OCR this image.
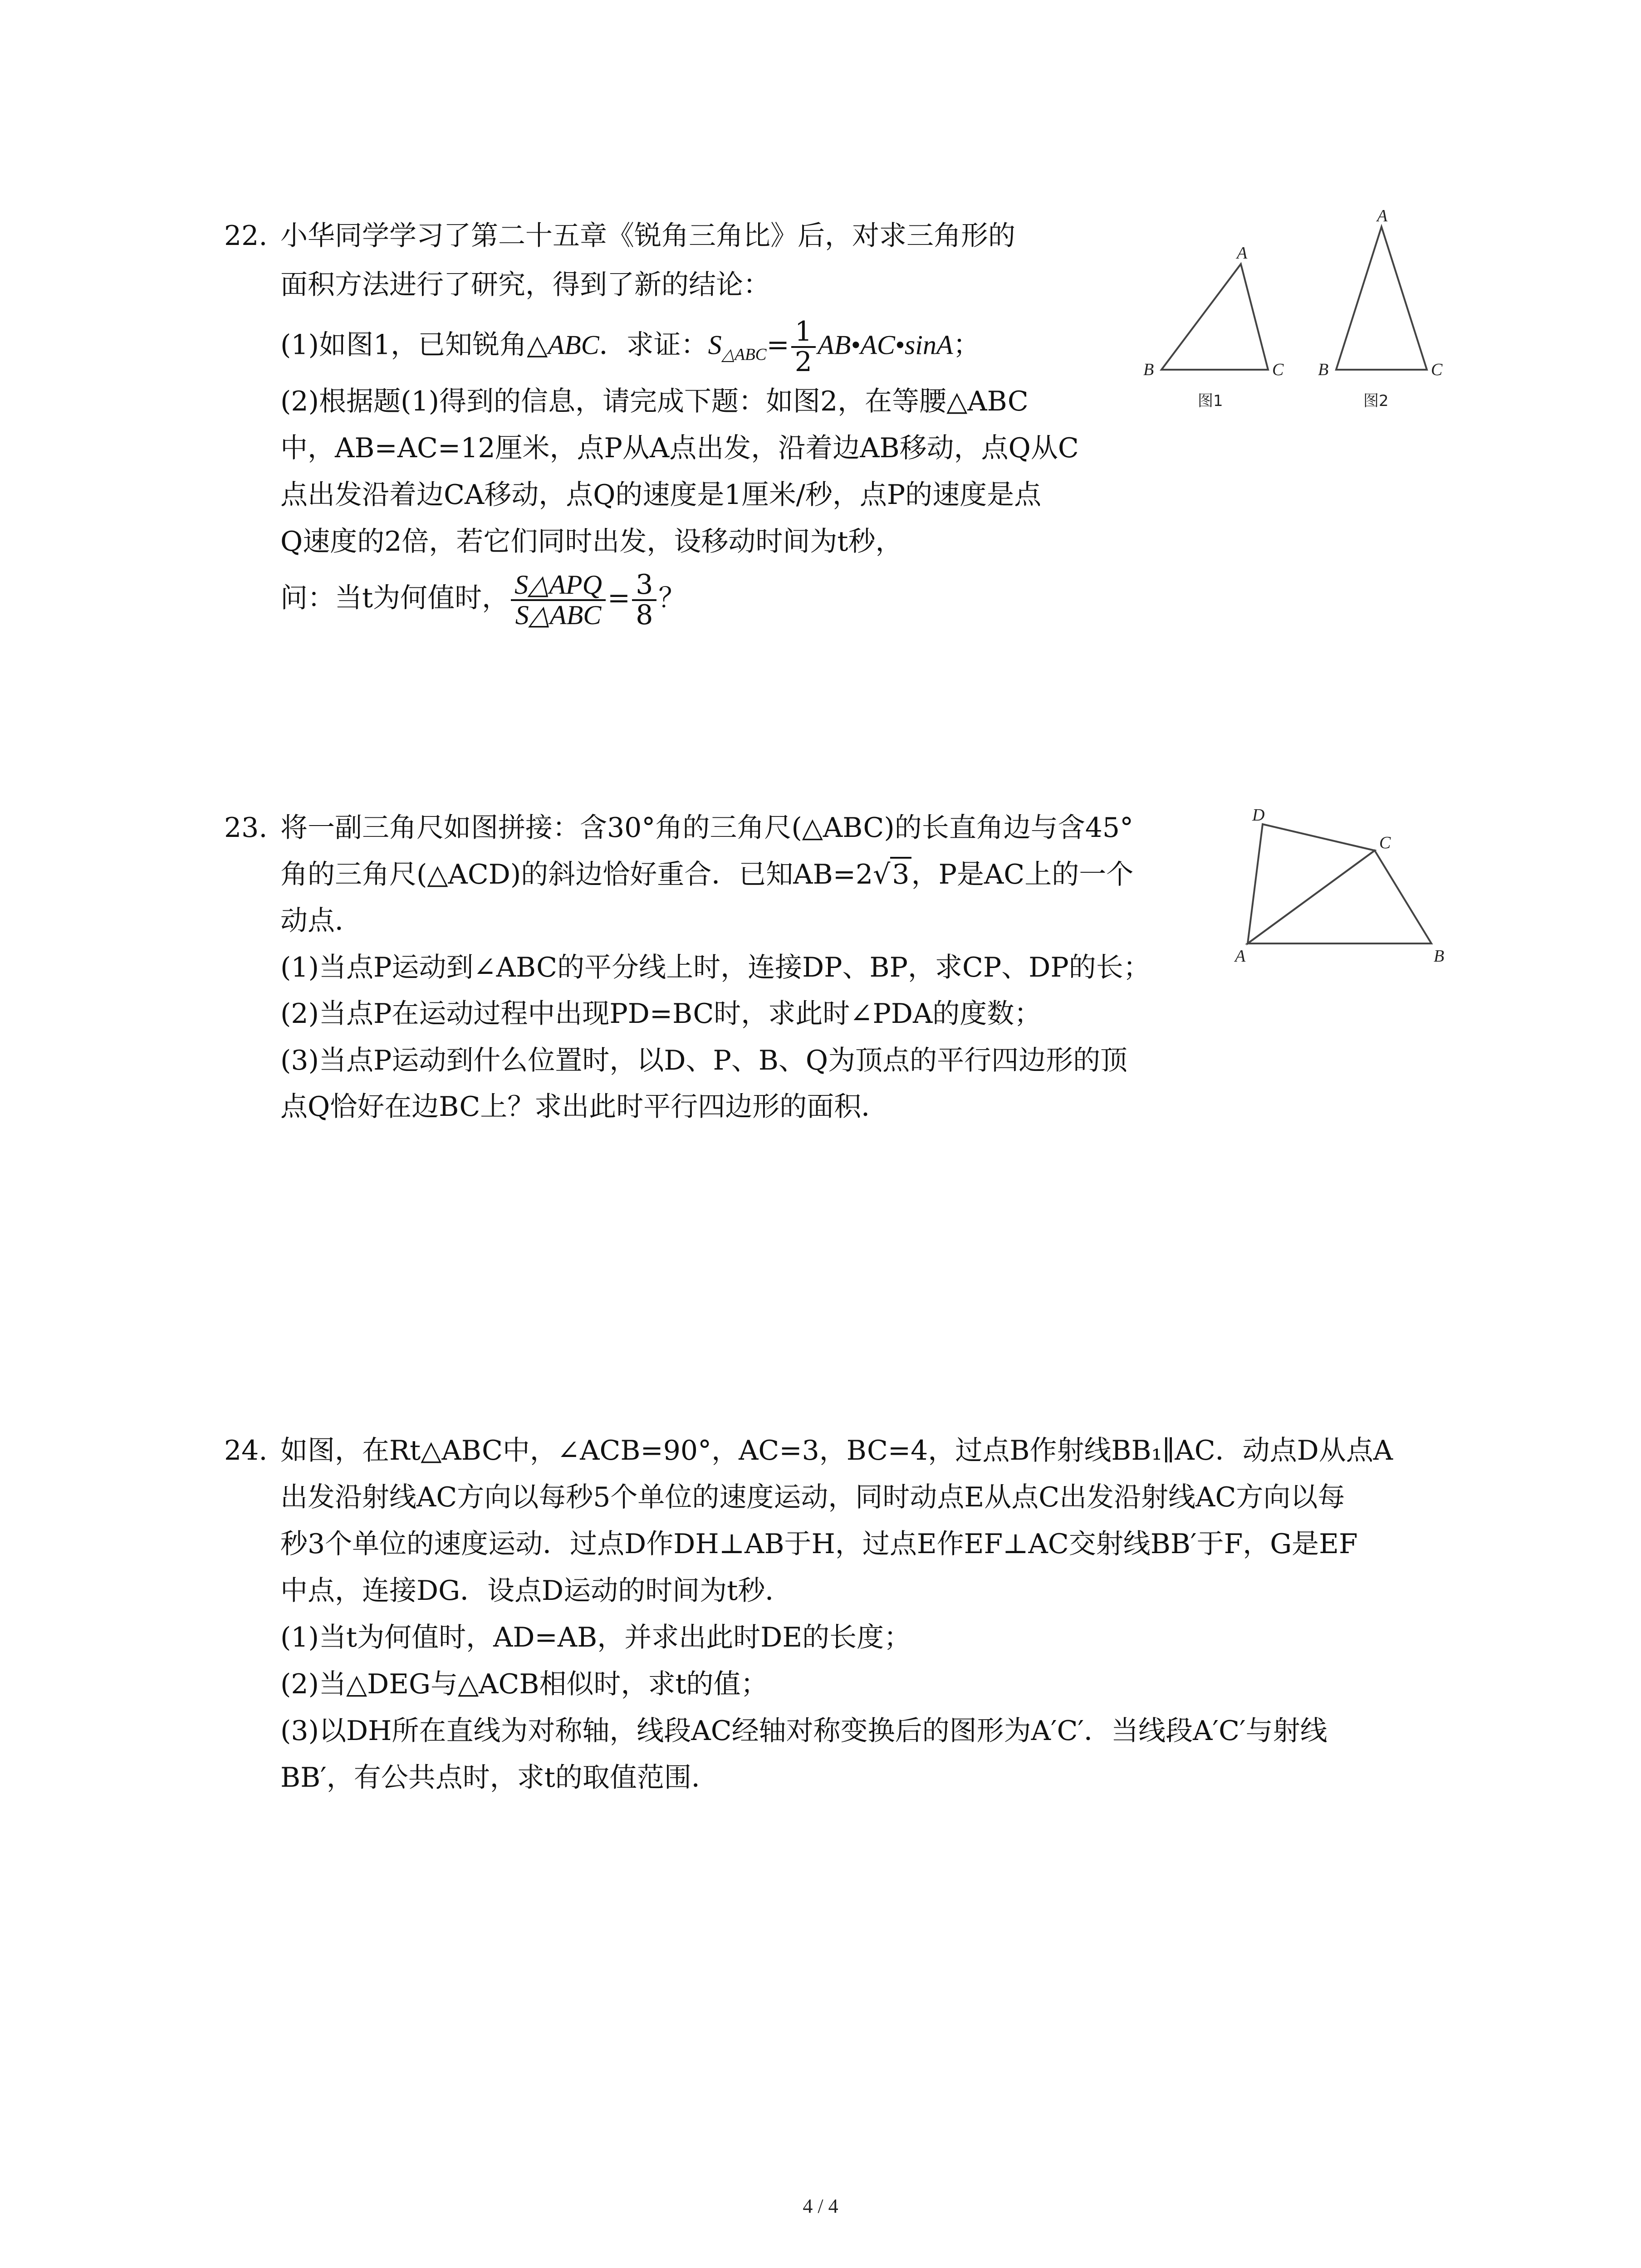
22. 小华同学学习了第二十五章《锐角三角比》后，对求三角形的
面积方法进行了研究，得到了新的结论：
(1)如图1，已知锐角△ABC．求证：$S_{\triangle ABC}= \frac{1}{2}$ AB•AC•sinA；
(2)根据题(1)得到的信息，请完成下题：如图2，在等腰△ABC
中，AB=AC=12厘米，点P从A点出发，沿着边AB移动，点Q从C
点出发沿着边CA移动，点Q的速度是1厘米/秒，点P的速度是点
Q速度的2倍，若它们同时出发，设移动时间为t秒，
问：当t为何值时， $\frac{\text{S△APQ}}{\text{S△ABC}} = \frac{3}{8}$ ？
A
B	C
图1
A
B	C
图2
23. 将一副三角尺如图拼接：含30°角的三角尺(△ABC)的长直角边与含45°
角的三角尺(△ACD)的斜边恰好重合．已知AB=2√3，P是AC上的一个
动点．
(1)当点P运动到∠ABC的平分线上时，连接DP、BP，求CP、DP的长；
(2)当点P在运动过程中出现PD=BC时，求此时∠PDA的度数；
(3)当点P运动到什么位置时，以D、P、B、Q为顶点的平行四边形的顶
点Q恰好在边BC上？求出此时平行四边形的面积．
D
C
A	B
24. 如图，在Rt△ABC中，∠ACB=90°，AC=3，BC=4，过点B作射线BB₁∥AC．动点D从点A
出发沿射线AC方向以每秒5个单位的速度运动，同时动点E从点C出发沿射线AC方向以每
秒3个单位的速度运动．过点D作DH⊥AB于H，过点E作EF⊥AC交射线BB′于F，G是EF
中点，连接DG．设点D运动的时间为t秒．
(1)当t为何值时，AD=AB，并求出此时DE的长度；
(2)当△DEG与△ACB相似时，求t的值；
(3)以DH所在直线为对称轴，线段AC经轴对称变换后的图形为A′C′．当线段A′C′与射线
BB′，有公共点时，求t的取值范围．
4 / 4
